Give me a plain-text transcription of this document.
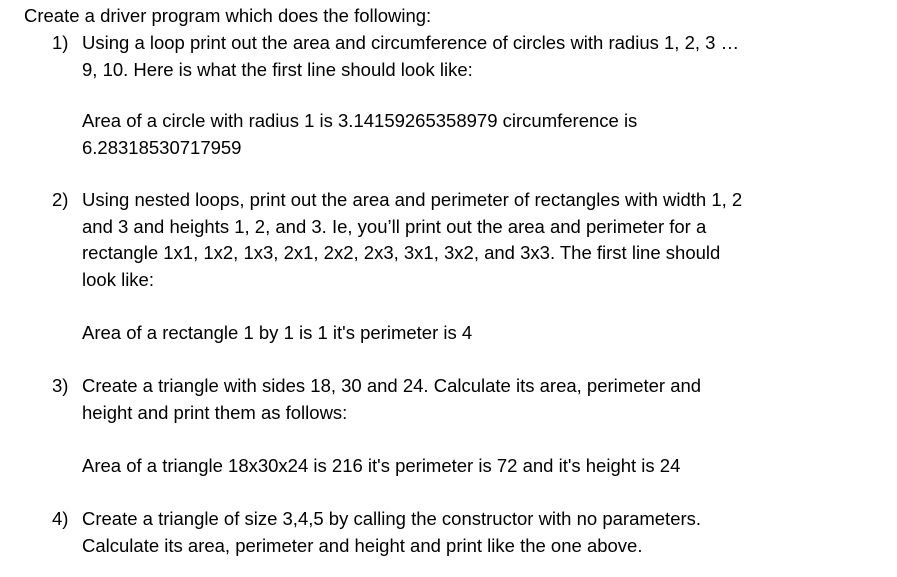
Create a driver program which does the following:
1) Using a loop print out the area and circumference of circles with radius 1, 2, 3 …
9, 10. Here is what the first line should look like:
Area of a circle with radius 1 is 3.14159265358979 circumference is
6.28318530717959
2) Using nested loops, print out the area and perimeter of rectangles with width 1, 2
and 3 and heights 1, 2, and 3. Ie, you’ll print out the area and perimeter for a
rectangle 1x1, 1x2, 1x3, 2x1, 2x2, 2x3, 3x1, 3x2, and 3x3. The first line should
look like:
Area of a rectangle 1 by 1 is 1 it's perimeter is 4
3) Create a triangle with sides 18, 30 and 24. Calculate its area, perimeter and
height and print them as follows:
Area of a triangle 18x30x24 is 216 it's perimeter is 72 and it's height is 24
4) Create a triangle of size 3,4,5 by calling the constructor with no parameters.
Calculate its area, perimeter and height and print like the one above.
